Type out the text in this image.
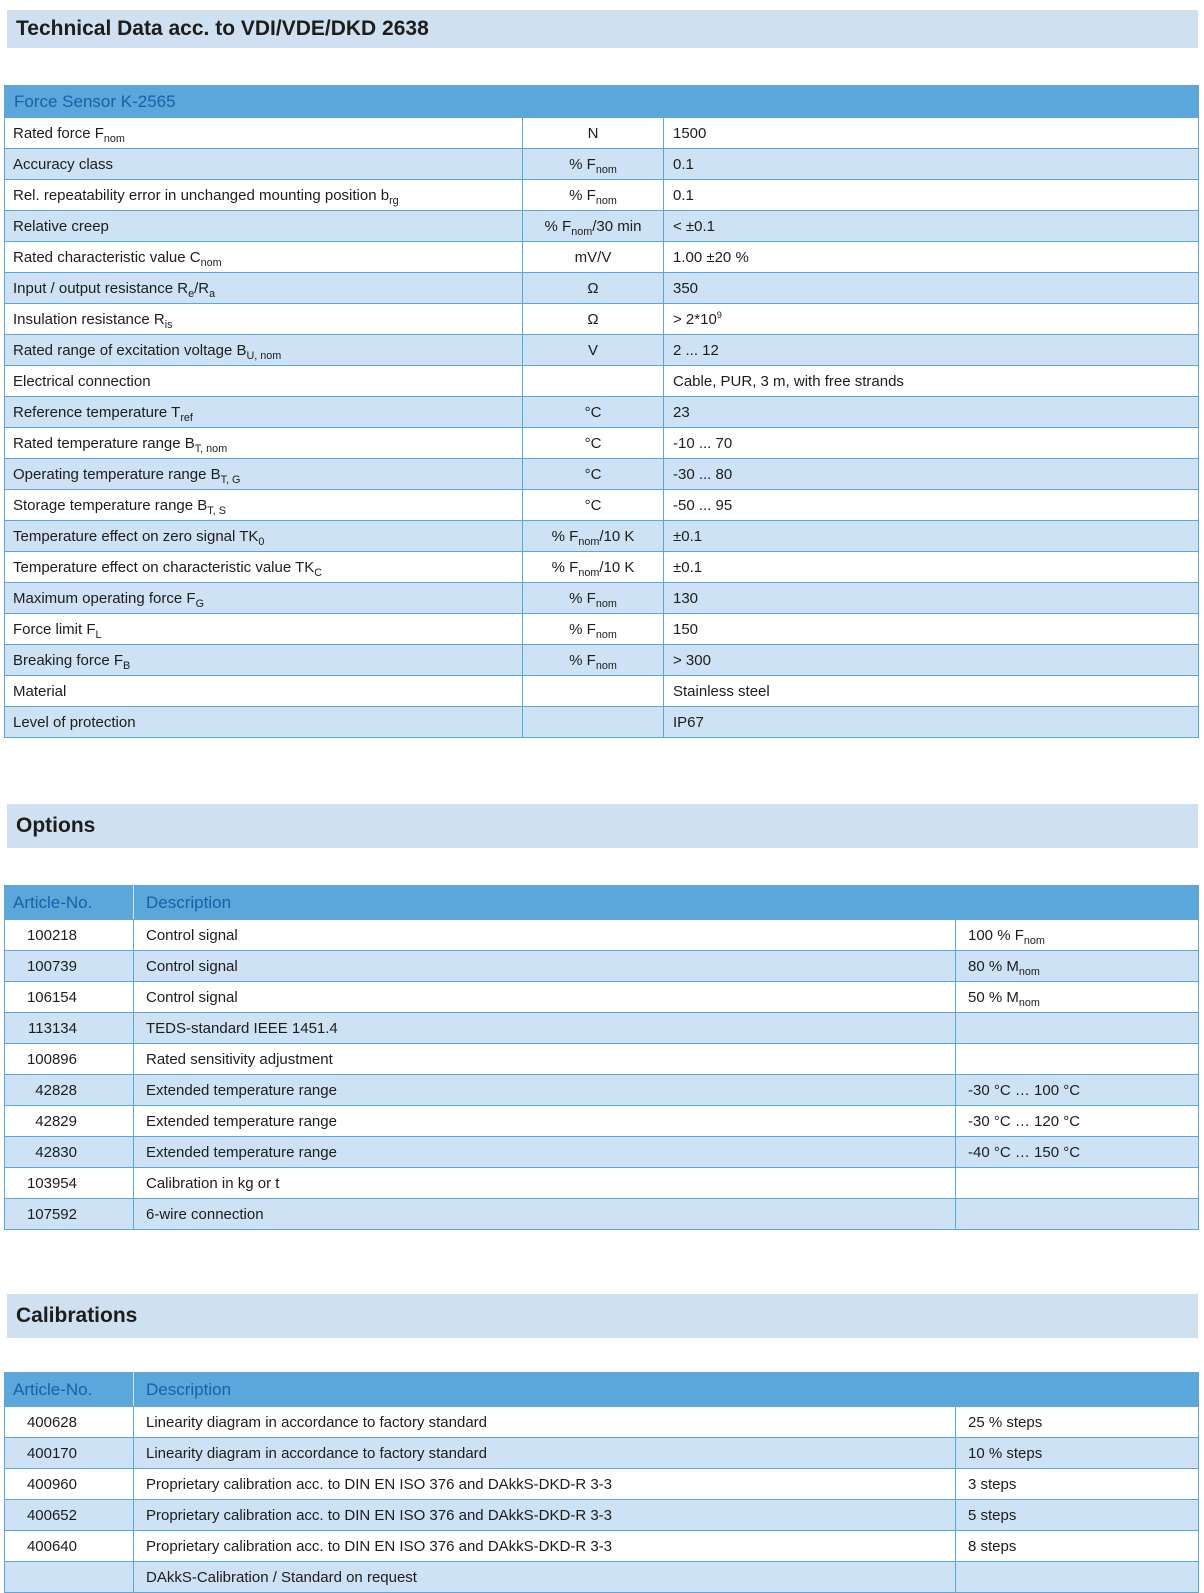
Technical Data acc. to VDI/VDE/DKD 2638
Force Sensor K-2565		
Rated force $F_{nom}$	N	1500
Accuracy class	% $F_{nom}$	0.1
Rel. repeatability error in unchanged mounting position $b_{rg}$	% $F_{nom}$	0.1
Relative creep	% $F_{nom}/30$ min	< ±0.1
Rated characteristic value $C_{nom}$	mV/V	1.00 ±20 %
Input / output resistance $R_e/R_a$	Ω	350
Insulation resistance $R_{is}$	Ω	> $2*10^9$
Rated range of excitation voltage $B_{U, nom}$	V	2 ... 12
Electrical connection		Cable, PUR, 3 m, with free strands
Reference temperature $T_{ref}$	°C	23
Rated temperature range $B_{T, nom}$	°C	-10 ... 70
Operating temperature range $B_{T, G}$	°C	-30 ... 80
Storage temperature range $B_{T, S}$	°C	-50 ... 95
Temperature effect on zero signal $TK_0$	% $F_{nom}/10$ K	±0.1
Temperature effect on characteristic value $TK_C$	% $F_{nom}/10$ K	±0.1
Maximum operating force $F_G$	% $F_{nom}$	130
Force limit $F_L$	% $F_{nom}$	150
Breaking force $F_B$	% $F_{nom}$	> 300
Material		Stainless steel
Level of protection		IP67
Options
Article-No.	Description	
100218	Control signal	100 % $F_{nom}$
100739	Control signal	80 % $M_{nom}$
106154	Control signal	50 % $M_{nom}$
113134	TEDS-standard IEEE 1451.4	
100896	Rated sensitivity adjustment	
42828	Extended temperature range	-30 °C … 100 °C
42829	Extended temperature range	-30 °C … 120 °C
42830	Extended temperature range	-40 °C … 150 °C
103954	Calibration in kg or t	
107592	6-wire connection	
Calibrations
Article-No.	Description	
400628	Linearity diagram in accordance to factory standard	25 % steps
400170	Linearity diagram in accordance to factory standard	10 % steps
400960	Proprietary calibration acc. to DIN EN ISO 376 and DAkkS-DKD-R 3-3	3 steps
400652	Proprietary calibration acc. to DIN EN ISO 376 and DAkkS-DKD-R 3-3	5 steps
400640	Proprietary calibration acc. to DIN EN ISO 376 and DAkkS-DKD-R 3-3	8 steps
	DAkkS-Calibration / Standard on request	
